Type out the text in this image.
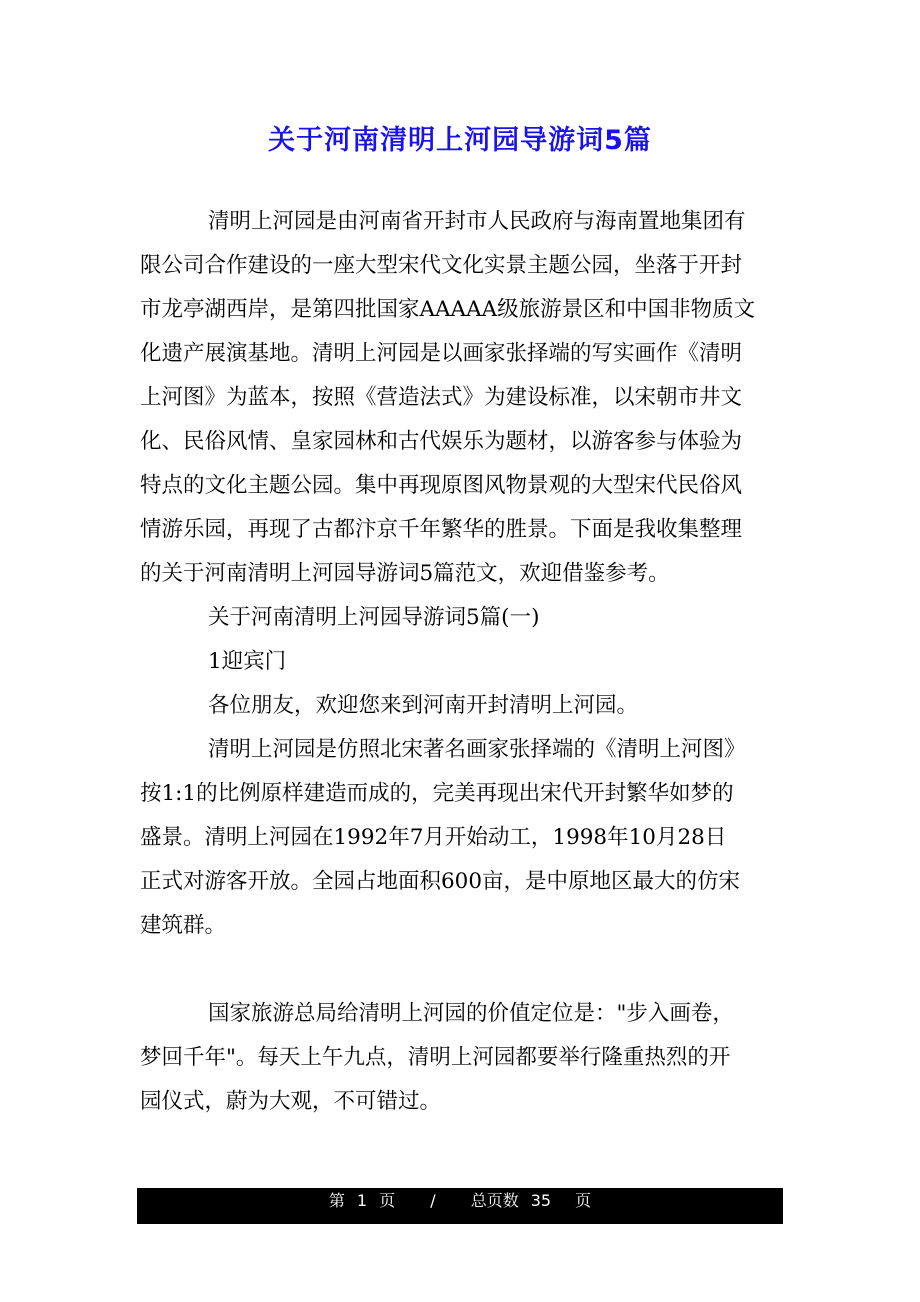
关于河南清明上河园导游词5篇
清明上河园是由河南省开封市人民政府与海南置地集团有
限公司合作建设的一座大型宋代文化实景主题公园，坐落于开封
市龙亭湖西岸，是第四批国家AAAAA级旅游景区和中国非物质文
化遗产展演基地。清明上河园是以画家张择端的写实画作《清明
上河图》为蓝本，按照《营造法式》为建设标准，以宋朝市井文
化、民俗风情、皇家园林和古代娱乐为题材，以游客参与体验为
特点的文化主题公园。集中再现原图风物景观的大型宋代民俗风
情游乐园，再现了古都汴京千年繁华的胜景。下面是我收集整理
的关于河南清明上河园导游词5篇范文，欢迎借鉴参考。
关于河南清明上河园导游词5篇(一)
1迎宾门
各位朋友，欢迎您来到河南开封清明上河园。
清明上河园是仿照北宋著名画家张择端的《清明上河图》
按1:1的比例原样建造而成的，完美再现出宋代开封繁华如梦的
盛景。清明上河园在1992年7月开始动工，1998年10月28日
正式对游客开放。全园占地面积600亩，是中原地区最大的仿宋
建筑群。
国家旅游总局给清明上河园的价值定位是："步入画卷，
梦回千年"。每天上午九点，清明上河园都要举行隆重热烈的开
园仪式，蔚为大观，不可错过。
第 1 页 / 总页数 35 页
